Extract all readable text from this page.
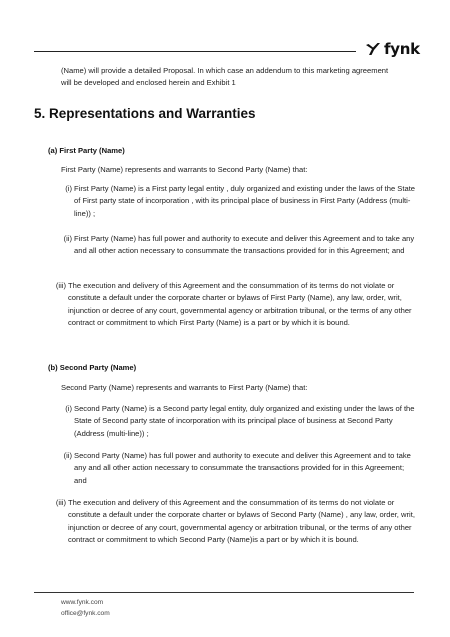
fynk
(Name) will provide a detailed Proposal. In which case an addendum to this marketing agreement will be developed and enclosed herein and Exhibit 1
5. Representations and Warranties
(a) First Party (Name)
First Party (Name) represents and warrants to Second Party (Name) that:
(i) First Party (Name) is a First party legal entity , duly organized and existing under the laws of the State of First party state of incorporation , with its principal place of business in First Party (Address (multi-line)) ;
(ii) First Party (Name) has full power and authority to execute and deliver this Agreement and to take any and all other action necessary to consummate the transactions provided for in this Agreement; and
(iii) The execution and delivery of this Agreement and the consummation of its terms do not violate or constitute a default under the corporate charter or bylaws of First Party (Name), any law, order, writ, injunction or decree of any court, governmental agency or arbitration tribunal, or the terms of any other contract or commitment to which First Party (Name) is a part or by which it is bound.
(b) Second Party (Name)
Second Party (Name) represents and warrants to First Party (Name) that:
(i) Second Party (Name) is a Second party legal entity, duly organized and existing under the laws of the State of Second party state of incorporation with its principal place of business at Second Party (Address (multi-line)) ;
(ii) Second Party (Name) has full power and authority to execute and deliver this Agreement and to take any and all other action necessary to consummate the transactions provided for in this Agreement; and
(iii) The execution and delivery of this Agreement and the consummation of its terms do not violate or constitute a default under the corporate charter or bylaws of Second Party (Name) , any law, order, writ, injunction or decree of any court, governmental agency or arbitration tribunal, or the terms of any other contract or commitment to which Second Party (Name)is a part or by which it is bound.
www.fynk.com
office@fynk.com
